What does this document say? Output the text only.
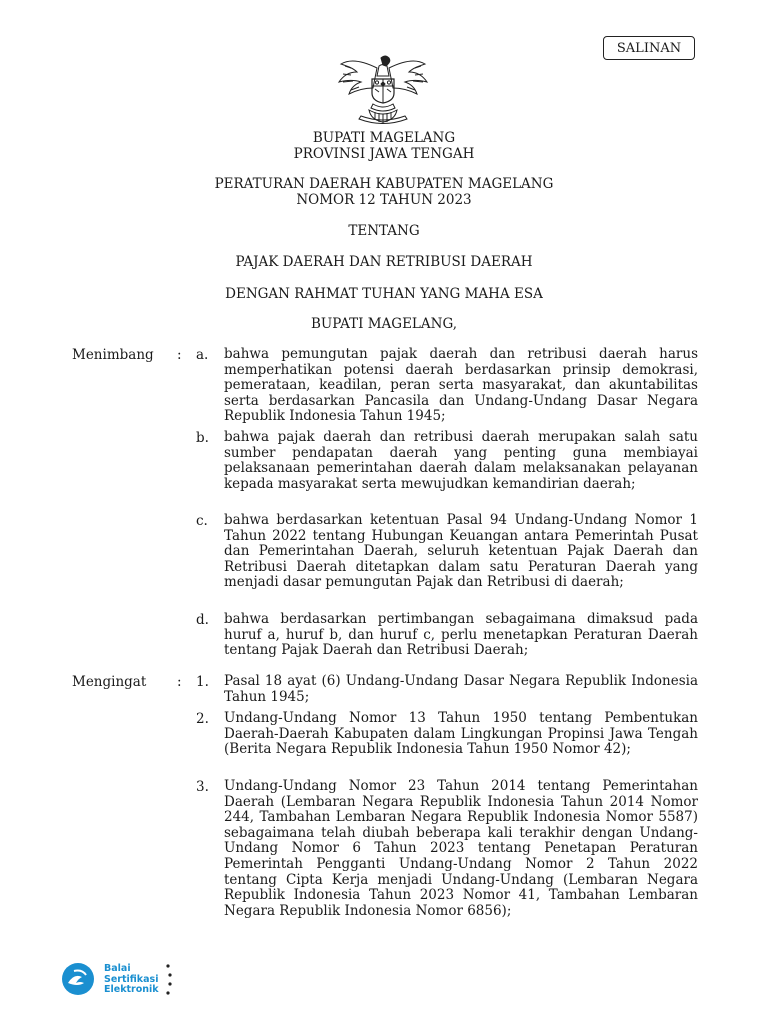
SALINAN
BUPATI MAGELANG
PROVINSI JAWA TENGAH
PERATURAN DAERAH KABUPATEN MAGELANG
NOMOR 12 TAHUN 2023
TENTANG
PAJAK DAERAH DAN RETRIBUSI DAERAH
DENGAN RAHMAT TUHAN YANG MAHA ESA
BUPATI MAGELANG,
Menimbang : a. bahwa pemungutan pajak daerah dan retribusi daerah harus memperhatikan potensi daerah berdasarkan prinsip demokrasi, pemerataan, keadilan, peran serta masyarakat, dan akuntabilitas serta berdasarkan Pancasila dan Undang-Undang Dasar Negara Republik Indonesia Tahun 1945;

b. bahwa pajak daerah dan retribusi daerah merupakan salah satu sumber pendapatan daerah yang penting guna membiayai pelaksanaan pemerintahan daerah dalam melaksanakan pelayanan kepada masyarakat serta mewujudkan kemandirian daerah;

c. bahwa berdasarkan ketentuan Pasal 94 Undang-Undang Nomor 1 Tahun 2022 tentang Hubungan Keuangan antara Pemerintah Pusat dan Pemerintahan Daerah, seluruh ketentuan Pajak Daerah dan Retribusi Daerah ditetapkan dalam satu Peraturan Daerah yang menjadi dasar pemungutan Pajak dan Retribusi di daerah;

d. bahwa berdasarkan pertimbangan sebagaimana dimaksud pada huruf a, huruf b, dan huruf c, perlu menetapkan Peraturan Daerah tentang Pajak Daerah dan Retribusi Daerah;

Mengingat : 1. Pasal 18 ayat (6) Undang-Undang Dasar Negara Republik Indonesia Tahun 1945;

2. Undang-Undang Nomor 13 Tahun 1950 tentang Pembentukan Daerah-Daerah Kabupaten dalam Lingkungan Propinsi Jawa Tengah (Berita Negara Republik Indonesia Tahun 1950 Nomor 42);

3. Undang-Undang Nomor 23 Tahun 2014 tentang Pemerintahan Daerah (Lembaran Negara Republik Indonesia Tahun 2014 Nomor 244, Tambahan Lembaran Negara Republik Indonesia Nomor 5587) sebagaimana telah diubah beberapa kali terakhir dengan Undang-Undang Nomor 6 Tahun 2023 tentang Penetapan Peraturan Pemerintah Pengganti Undang-Undang Nomor 2 Tahun 2022 tentang Cipta Kerja menjadi Undang-Undang (Lembaran Negara Republik Indonesia Tahun 2023 Nomor 41, Tambahan Lembaran Negara Republik Indonesia Nomor 6856);

Balai
Sertifikasi
Elektronik
